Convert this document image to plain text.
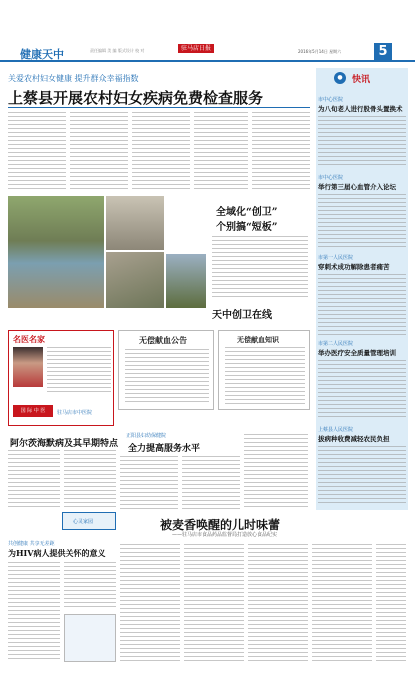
健康天中	责任编辑 美 编 版式设计 校 对	驻马店日报	2016年5月14日 星期六	5
关爱农村妇女健康 提升群众幸福指数
上蔡县开展农村妇女疾病免费检查服务
全域化“创卫”
个别搞“短板”
天中创卫在线
名医名家
国 际 中 医	驻马店市中医院
无偿献血公告	无偿献血知识
阿尔茨海默病及其早期特点
正阳县妇幼保健院
全力提高服务水平
心灵家园
共创健康 共享无差距
为HIV病人提供关怀的意义
被麦香唤醒的儿时味蕾
——驻马店市食品药品监督局打造放心食品纪实
●	快讯
市中心医院
为八旬老人进行股骨头置换术
市中心医院
举行第三届心血管介入论坛
市第一人民医院
穿刺术成功解除患者痛苦
市第二人民医院
举办医疗安全质量管理培训
上蔡县人民医院
拔病种收费减轻农民负担
